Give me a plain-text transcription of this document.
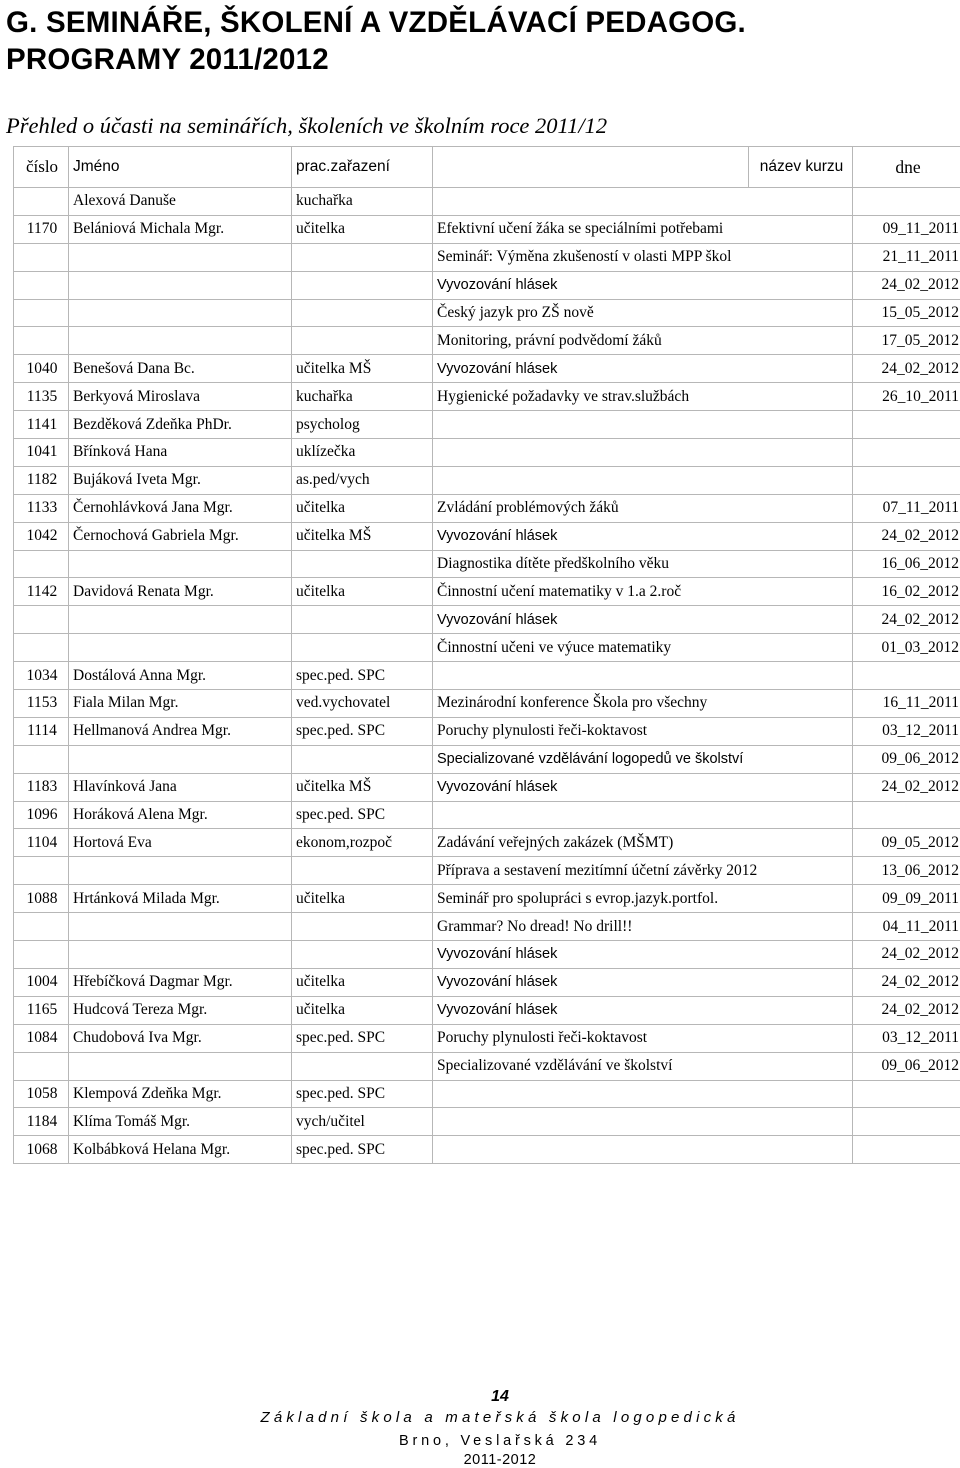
G. SEMINÁŘE, ŠKOLENÍ A VZDĚLÁVACÍ PEDAGOG.
PROGRAMY 2011/2012
Přehled o účasti na seminářích, školeních ve školním roce 2011/12
číslo	Jméno	prac.zařazení		název kurzu	dne
	Alexová Danuše	kuchařka			
1170	Belániová Michala Mgr.	učitelka	Efektivní učení žáka se speciálními potřebami		09_11_2011
			Seminář: Výměna zkušeností v olasti MPP škol		21_11_2011
			Vyvozování hlásek		24_02_2012
			Český jazyk pro ZŠ nově		15_05_2012
			Monitoring, právní podvědomí žáků		17_05_2012
1040	Benešová Dana Bc.	učitelka MŠ	Vyvozování hlásek		24_02_2012
1135	Berkyová Miroslava	kuchařka	Hygienické požadavky ve strav.službách		26_10_2011
1141	Bezděková Zdeňka PhDr.	psycholog			
1041	Břínková Hana	uklízečka			
1182	Bujáková Iveta Mgr.	as.ped/vych			
1133	Černohlávková Jana Mgr.	učitelka	Zvládání problémových žáků		07_11_2011
1042	Černochová Gabriela Mgr.	učitelka MŠ	Vyvozování hlásek		24_02_2012
			Diagnostika dítěte předškolního věku		16_06_2012
1142	Davidová Renata Mgr.	učitelka	Činnostní učení matematiky v 1.a 2.roč		16_02_2012
			Vyvozování hlásek		24_02_2012
			Činnostní učeni ve výuce matematiky		01_03_2012
1034	Dostálová Anna Mgr.	spec.ped. SPC			
1153	Fiala Milan Mgr.	ved.vychovatel	Mezinárodní konference Škola pro všechny		16_11_2011
1114	Hellmanová Andrea Mgr.	spec.ped. SPC	Poruchy plynulosti řeči-koktavost		03_12_2011
			Specializované vzdělávání logopedů ve školství		09_06_2012
1183	Hlavínková Jana	učitelka MŠ	Vyvozování hlásek		24_02_2012
1096	Horáková Alena Mgr.	spec.ped. SPC			
1104	Hortová Eva	ekonom,rozpoč	Zadávání veřejných zakázek (MŠMT)		09_05_2012
			Příprava a sestavení mezitímní účetní závěrky 2012		13_06_2012
1088	Hrtánková Milada Mgr.	učitelka	Seminář pro spolupráci s evrop.jazyk.portfol.		09_09_2011
			Grammar? No dread! No drill!!		04_11_2011
			Vyvozování hlásek		24_02_2012
1004	Hřebíčková Dagmar Mgr.	učitelka	Vyvozování hlásek		24_02_2012
1165	Hudcová Tereza Mgr.	učitelka	Vyvozování hlásek		24_02_2012
1084	Chudobová Iva Mgr.	spec.ped. SPC	Poruchy plynulosti řeči-koktavost		03_12_2011
			Specializované vzdělávání ve školství		09_06_2012
1058	Klempová Zdeňka Mgr.	spec.ped. SPC			
1184	Klíma Tomáš Mgr.	vych/učitel			
1068	Kolbábková Helana Mgr.	spec.ped. SPC			
14
Základní škola a mateřská škola logopedická
Brno, Veslařská 234
2011-2012
